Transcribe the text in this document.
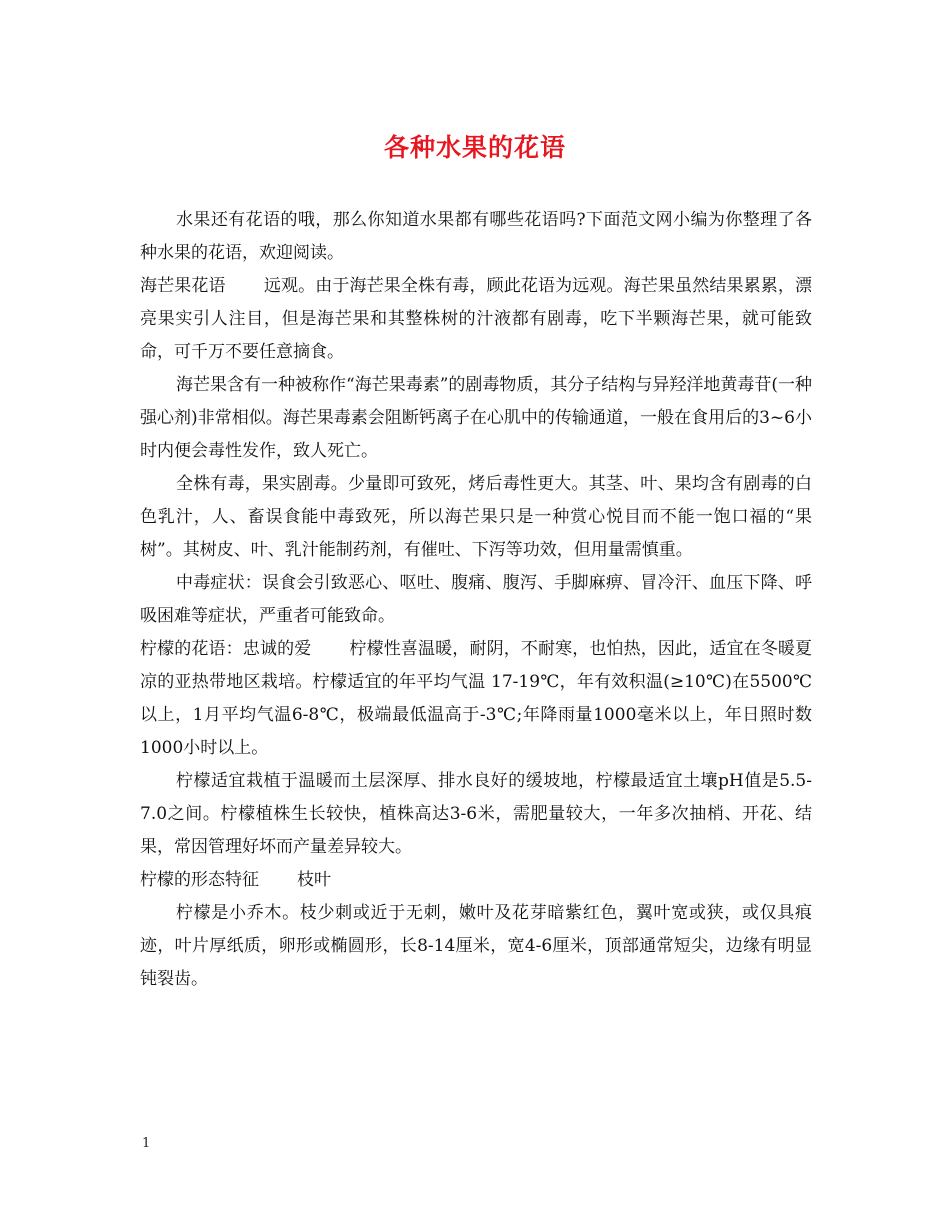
各种水果的花语

水果还有花语的哦，那么你知道水果都有哪些花语吗?下面范文网小编为你整理了各种水果的花语，欢迎阅读。

海芒果花语 远观。由于海芒果全株有毒，顾此花语为远观。海芒果虽然结果累累，漂亮果实引人注目，但是海芒果和其整株树的汁液都有剧毒，吃下半颗海芒果，就可能致命，可千万不要任意摘食。

海芒果含有一种被称作“海芒果毒素”的剧毒物质，其分子结构与异羟洋地黄毒苷(一种强心剂)非常相似。海芒果毒素会阻断钙离子在心肌中的传输通道，一般在食用后的3~6小时内便会毒性发作，致人死亡。

全株有毒，果实剧毒。少量即可致死，烤后毒性更大。其茎、叶、果均含有剧毒的白色乳汁，人、畜误食能中毒致死，所以海芒果只是一种赏心悦目而不能一饱口福的“果树”。其树皮、叶、乳汁能制药剂，有催吐、下泻等功效，但用量需慎重。

中毒症状：误食会引致恶心、呕吐、腹痛、腹泻、手脚麻痹、冒冷汗、血压下降、呼吸困难等症状，严重者可能致命。

柠檬的花语：忠诚的爱 柠檬性喜温暖，耐阴，不耐寒，也怕热，因此，适宜在冬暖夏凉的亚热带地区栽培。柠檬适宜的年平均气温 17-19℃，年有效积温(≥10℃)在5500℃以上，1月平均气温6-8℃，极端最低温高于-3℃;年降雨量1000毫米以上，年日照时数1000小时以上。

柠檬适宜栽植于温暖而土层深厚、排水良好的缓坡地，柠檬最适宜土壤pH值是5.5-7.0之间。柠檬植株生长较快，植株高达3-6米，需肥量较大，一年多次抽梢、开花、结果，常因管理好坏而产量差异较大。

柠檬的形态特征 枝叶

柠檬是小乔木。枝少刺或近于无刺，嫩叶及花芽暗紫红色，翼叶宽或狭，或仅具痕迹，叶片厚纸质，卵形或椭圆形，长8-14厘米，宽4-6厘米，顶部通常短尖，边缘有明显钝裂齿。

1
